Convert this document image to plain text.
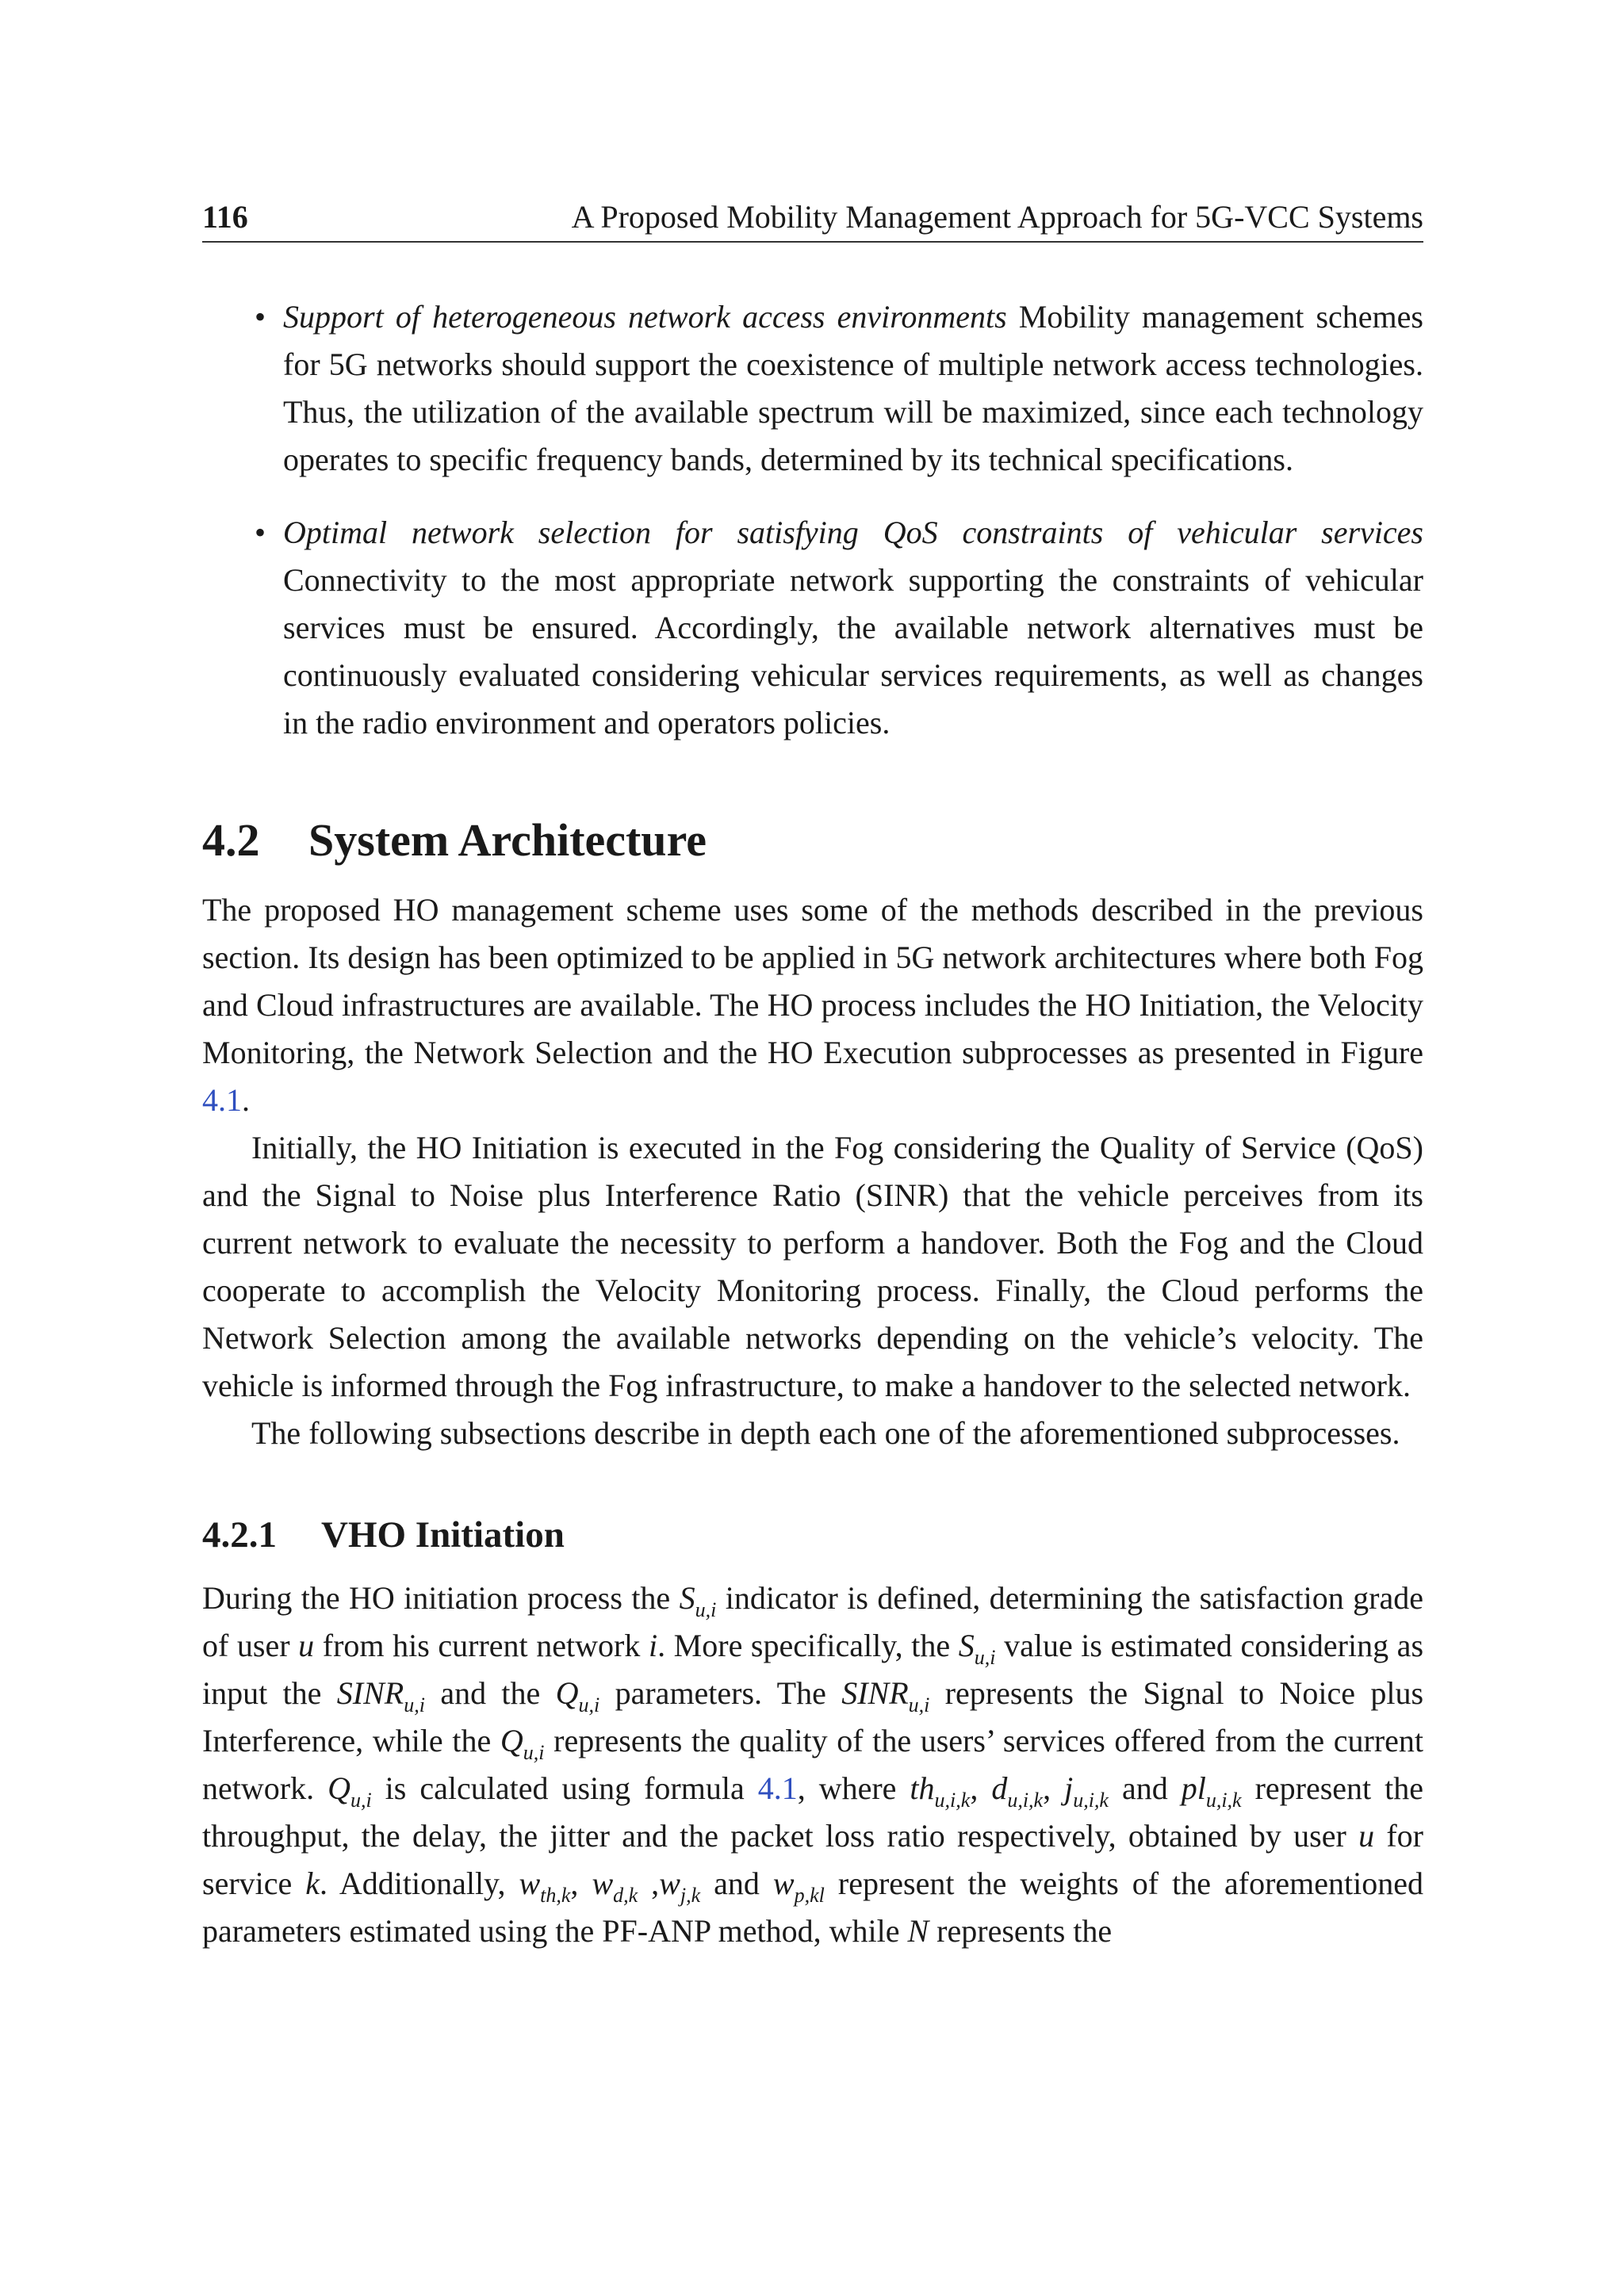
116	A Proposed Mobility Management Approach for 5G-VCC Systems
• Support of heterogeneous network access environments Mobility management schemes for 5G networks should support the coexistence of multiple network access technologies. Thus, the utilization of the available spectrum will be maximized, since each technology operates to specific frequency bands, determined by its technical specifications.
• Optimal network selection for satisfying QoS constraints of vehicular services Connectivity to the most appropriate network supporting the constraints of vehicular services must be ensured. Accordingly, the available network alternatives must be continuously evaluated considering vehicular services requirements, as well as changes in the radio environment and operators policies.
4.2 System Architecture

The proposed HO management scheme uses some of the methods described in the previous section. Its design has been optimized to be applied in 5G network architectures where both Fog and Cloud infrastructures are available. The HO process includes the HO Initiation, the Velocity Monitoring, the Network Selection and the HO Execution subprocesses as presented in Figure 4.1.

Initially, the HO Initiation is executed in the Fog considering the Quality of Service (QoS) and the Signal to Noise plus Interference Ratio (SINR) that the vehicle perceives from its current network to evaluate the necessity to perform a handover. Both the Fog and the Cloud cooperate to accomplish the Velocity Monitoring process. Finally, the Cloud performs the Network Selection among the available networks depending on the vehicle’s velocity. The vehicle is informed through the Fog infrastructure, to make a handover to the selected network.

The following subsections describe in depth each one of the aforementioned subprocesses.

4.2.1 VHO Initiation

During the HO initiation process the $S_{u,i}$ indicator is defined, determining the satisfaction grade of user u from his current network i. More specifically, the $S_{u,i}$ value is estimated considering as input the $SINR_{u,i}$ and the $Q_{u,i}$ parameters. The $SINR_{u,i}$ represents the Signal to Noice plus Interference, while the $Q_{u,i}$ represents the quality of the users’ services offered from the current network. $Q_{u,i}$ is calculated using formula 4.1, where $th_{u,i,k}$, $d_{u,i,k}$, $j_{u,i,k}$ and $pl_{u,i,k}$ represent the throughput, the delay, the jitter and the packet loss ratio respectively, obtained by user u for service k. Additionally, $w_{th,k}$, $w_{d,k}$ $,w_{j,k}$ and $w_{p,kl}$ represent the weights of the aforementioned parameters estimated using the PF-ANP method, while N represents the
